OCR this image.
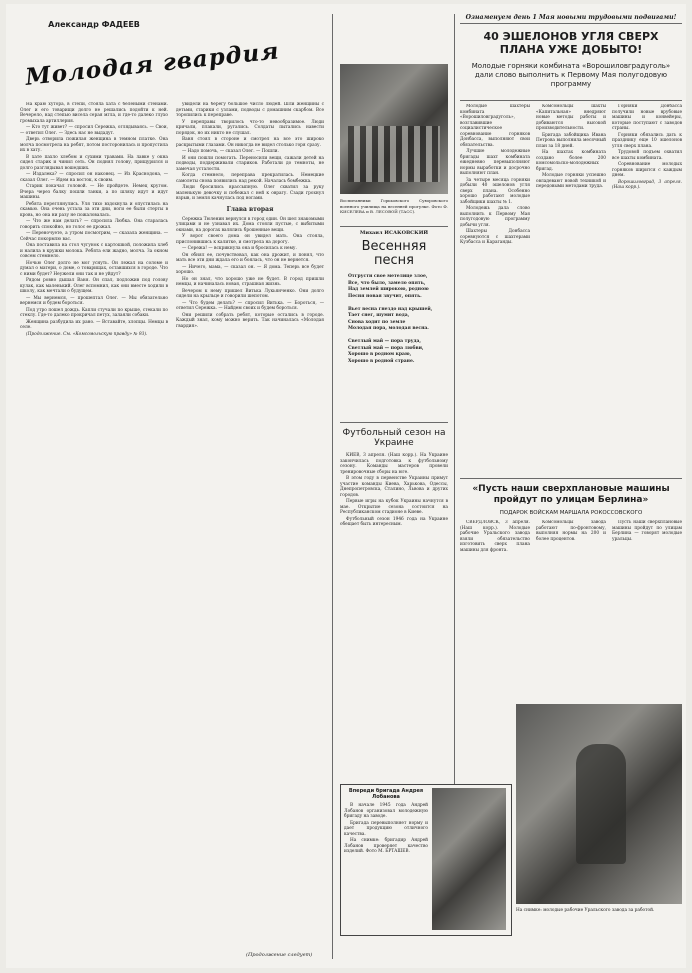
Александр ФАДЕЕВ
Молодая гвардия

На краю хутора, в степи, стояла хата с белеными стенами. Олег и его товарищи долго не решались подойти к ней. Вечерело, над степью висела серая мгла, и где-то далеко глухо громыхала артиллерия.

— Кто тут живет? — спросил Сережка, оглядываясь. — Свои, — ответил Олег. — Здесь нас не выдадут.

Дверь отворила пожилая женщина в темном платке. Она молча посмотрела на ребят, потом посторонилась и пропустила их в хату.

В хате пахло хлебом и сухими травами. На лавке у окна сидел старик и чинил сеть. Он поднял голову, прищурился и долго разглядывал вошедших.

— Издалека? — спросил он наконец. — Из Краснодона, — сказал Олег. — Идем на восток, к своим.

Старик покачал головой. — Не пройдете. Немец кругом. Вчера через балку пошли танки, а по шляху идут и идут машины.

Ребята переглянулись. Уля тихо вздохнула и опустилась на скамью. Она очень устала за эти дни, ноги ее были стерты в кровь, но она ни разу не пожаловалась.

— Что же нам делать? — спросила Любка. Она старалась говорить спокойно, но голос ее дрожал.

— Переночуете, а утром посмотрим, — сказала женщина. — Сейчас покормлю вас.

Она поставила на стол чугунок с картошкой, положила хлеб и налила в кружки молока. Ребята ели жадно, молча. За окном совсем стемнело.

Ночью Олег долго не мог уснуть. Он лежал на соломе и думал о матери, о доме, о товарищах, оставшихся в городе. Что с ними будет? Неужели они так и не уйдут?

Рядом ровно дышал Ваня. Он спал, подложив под голову кулак, как маленький. Олег вспомнил, как они вместе ходили в школу, как мечтали о будущем.

— Мы вернемся, — прошептал Олег. — Мы обязательно вернемся и будем бороться.

Под утро пошел дождь. Капли стучали по крыше, стекали по стеклу. Где-то далеко прокричал петух, залаяли собаки.

Женщина разбудила их рано. — Вставайте, хлопцы. Немцы в селе.

(Продолжение. См. «Комсомольскую правду» № 93).

увидели на берегу большое число людей. Шли женщины с детьми, старики с узлами, подводы с домашним скарбом. Все торопились к переправе.

У переправы творилось что-то невообразимое. Люди кричали, плакали, ругались. Солдаты пытались навести порядок, но их никто не слушал.

Ваня стоял в стороне и смотрел на все это широко раскрытыми глазами. Он никогда не видел столько горя сразу.

— Надо помочь, — сказал Олег. — Пошли.

И они пошли помогать. Переносили вещи, сажали детей на подводы, поддерживали стариков. Работали до темноты, не замечая усталости.

Когда стемнело, переправа прекратилась. Немецкие самолеты снова появились над рекой. Началась бомбежка.

Люди бросились врассыпную. Олег схватил за руку маленькую девочку и побежал с ней к оврагу. Сзади грохнул взрыв, и земля качнулась под ногами.

Глава вторая

Сережка Тюленин вернулся в город один. Он шел знакомыми улицами и не узнавал их. Дома стояли пустые, с выбитыми окнами, на дорогах валялись брошенные вещи.

У ворот своего дома он увидел мать. Она стояла, прислонившись к калитке, и смотрела на дорогу.

— Сережа! — вскрикнула она и бросилась к нему.

Он обнял ее, почувствовал, как она дрожит, и понял, что мать все эти дни ждала его и боялась, что он не вернется.

— Ничего, мама, — сказал он. — Я дома. Теперь все будет хорошо.

Но он знал, что хорошо уже не будет. В город пришли немцы, и начиналась новая, страшная жизнь.

Вечером к нему пришел Витька Лукьянченко. Они долго сидели на крыльце и говорили шепотом.

— Что будем делать? — спросил Витька. — Бороться, — ответил Сережка. — Найдем своих и будем бороться.

Они решили собрать ребят, которые остались в городе. Каждый знал, кому можно верить. Так начиналась «Молодая гвардия».

Воспитанники Горьковского Суворовского военного училища на весенней прогулке. Фото Ф. КИСЕЛЕВА и В. ЛЕСОВОЙ (ТАСС).

Михаил ИСАКОВСКИЙ
Весенняя песня
Отгрусти свое метелице злое,
Все, что было, замело опять,
Над землей широкою, родною
Песня новая звучит, опять.
Вьет весна гнездо над крышей,
Тает снег, шумит вода,
Снова ходит по земле
Молодая пора, молодая весна.
Светлый май — пора труда,
Светлый май — пора любви,
Хорошо в родном краю,
Хорошо в родной стране.
Футбольный сезон на Украине

КИЕВ, 3 апреля. (Наш корр.). На Украине закончилась подготовка к футбольному сезону. Команды мастеров провели тренировочные сборы на юге.

В этом году в первенстве Украины примут участие команды Киева, Харькова, Одессы, Днепропетровска, Сталино, Львова и других городов.

Первые игры на кубок Украины начнутся в мае. Открытие сезона состоится на Республиканском стадионе в Киеве.

Футбольный сезон 1946 года на Украине обещает быть интересным.

Впереди бригада Андрея Лобанова

В начале 1945 года Андрей Лобанов организовал молодежную бригаду на заводе.

Бригада перевыполняет норму и дает продукцию отличного качества.

На снимке: бригадир Андрей Лобанов проверяет качество изделий. Фото М. БРТАШЕВ.

(Продолжение следует)
Ознаменуем день 1 Мая новыми трудовыми подвигами!
40 ЭШЕЛОНОВ УГЛЯ СВЕРХ ПЛАНА УЖЕ ДОБЫТО!
Молодые горняки комбината «Ворошиловградуголь» дали слово выполнить к Первому Мая полугодовую программу

Молодые шахтеры комбината «Ворошиловградуголь», возглавившие социалистическое соревнование горняков Донбасса, выполняют свои обязательства.

Лучшие молодежные бригады шахт комбината ежедневно перевыполняют нормы выработки и досрочно выполняют план.

За четыре месяца горняки добыли 40 эшелонов угля сверх плана. Особенно хорошо работают молодые забойщики шахты № 1.

Молодежь дала слово выполнить к Первому Мая полугодовую программу добычи угля.

Шахтеры Донбасса соревнуются с шахтерами Кузбасса и Караганды.

Комсомольцы шахты «Капитальная» внедряют новые методы работы и добиваются высокой производительности.

Бригада забойщика Ивана Петрова выполнила месячный план за 18 дней.

На шахтах комбината создано более 200 комсомольско-молодежных бригад.

Молодые горняки успешно овладевают новой техникой и передовыми методами труда.

Горняки Донбасса получили новые врубовые машины и конвейеры, которые поступают с заводов страны.

Горняки обязались дать к празднику еще 10 эшелонов угля сверх плана.

Трудовой подъем охватил все шахты комбината.

Соревнование молодых горняков ширится с каждым днем.

Ворошиловград, 3 апреля. (Наш корр.).

«Пусть наши сверхплановые машины пройдут по улицам Берлина»
ПОДАРОК ВОЙСКАМ МАРШАЛА РОКОССОВСКОГО

СВЕРДЛОВСК, 3 апреля. (Наш корр.). Молодые рабочие Уральского завода взяли обязательство изготовить сверх плана машины для фронта.

Комсомольцы завода работают по-фронтовому, выполняя нормы на 200 и более процентов.

Пусть наши сверхплановые машины пройдут по улицам Берлина — говорят молодые уральцы.

На снимке: молодые рабочие Уральского завода за работой.
